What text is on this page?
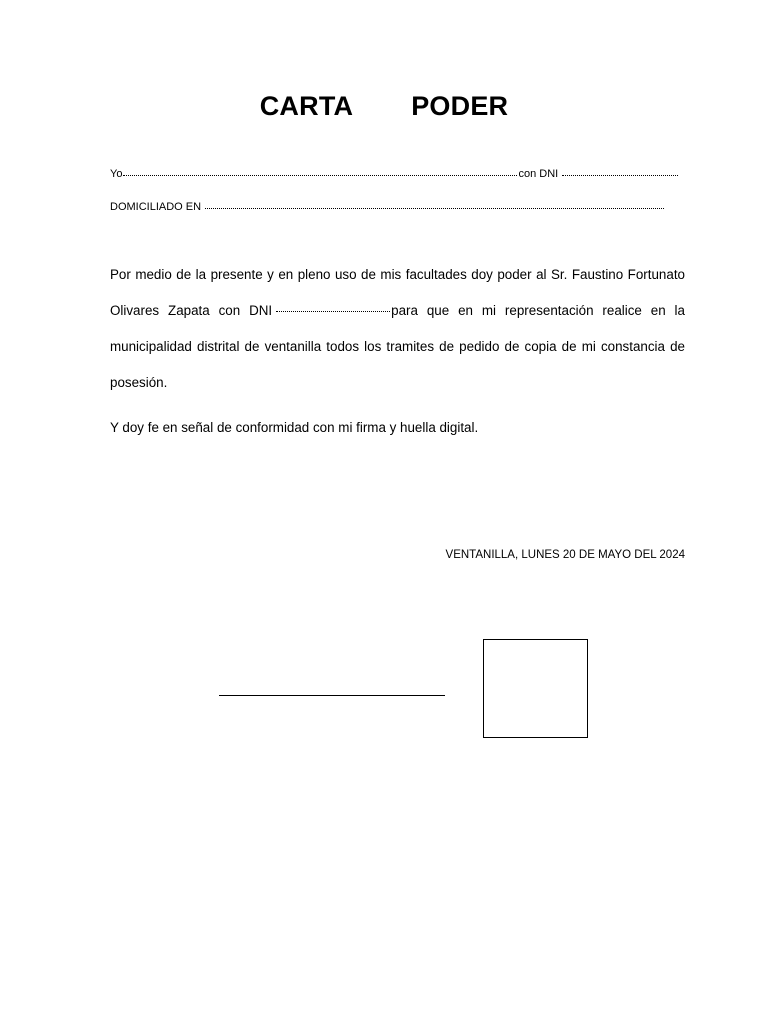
CARTA PODER
Yo	con DNI
DOMICILIADO EN
Por medio de la presente y en pleno uso de mis facultades doy poder al Sr. Faustino Fortunato Olivares Zapata con DNI	para que en mi representación realice en la municipalidad distrital de ventanilla todos los tramites de pedido de copia de mi constancia de posesión.
Y doy fe en señal de conformidad con mi firma y huella digital.
VENTANILLA, LUNES 20 DE MAYO DEL 2024
